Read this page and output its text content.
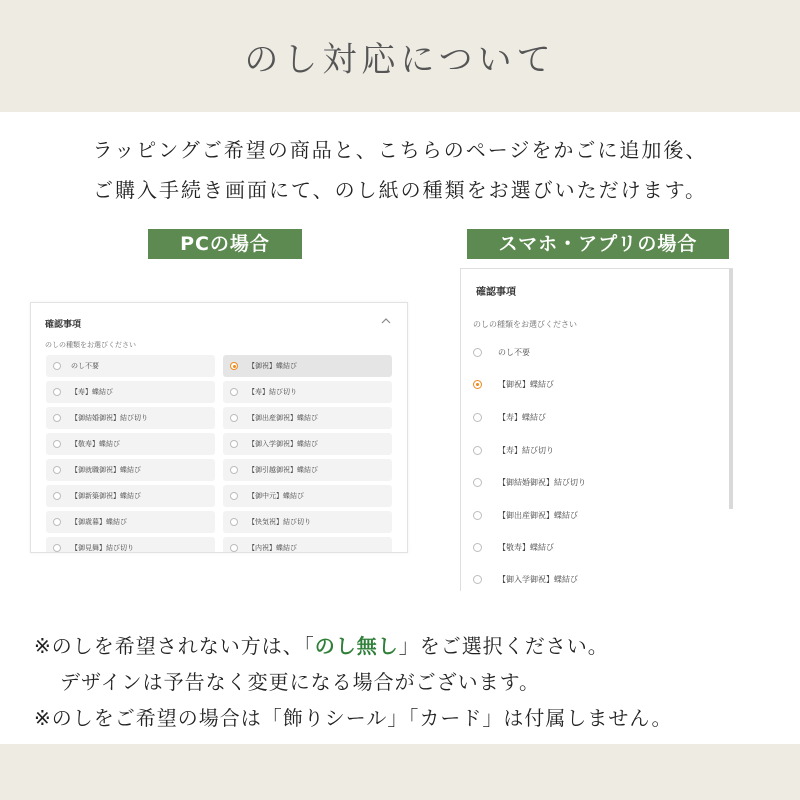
のし対応について
ラッピングご希望の商品と、こちらのページをかごに追加後、
ご購入手続き画面にて、のし紙の種類をお選びいただけます。
PCの場合	スマホ・アプリの場合
確認事項
のしの種類をお選びください
のし不要	【御祝】蝶結び
【寿】蝶結び	【寿】結び切り
【御結婚御祝】結び切り	【御出産御祝】蝶結び
【敬寿】蝶結び	【御入学御祝】蝶結び
【御就職御祝】蝶結び	【御引越御祝】蝶結び
【御新築御祝】蝶結び	【御中元】蝶結び
【御歳暮】蝶結び	【快気祝】結び切り
【御見舞】結び切り	【内祝】蝶結び
確認事項
のしの種類をお選びください
のし不要
【御祝】蝶結び
【寿】蝶結び
【寿】結び切り
【御結婚御祝】結び切り
【御出産御祝】蝶結び
【敬寿】蝶結び
【御入学御祝】蝶結び
※のしを希望されない方は、「のし無し」をご選択ください。
デザインは予告なく変更になる場合がございます。
※のしをご希望の場合は「飾りシール」「カード」は付属しません。
